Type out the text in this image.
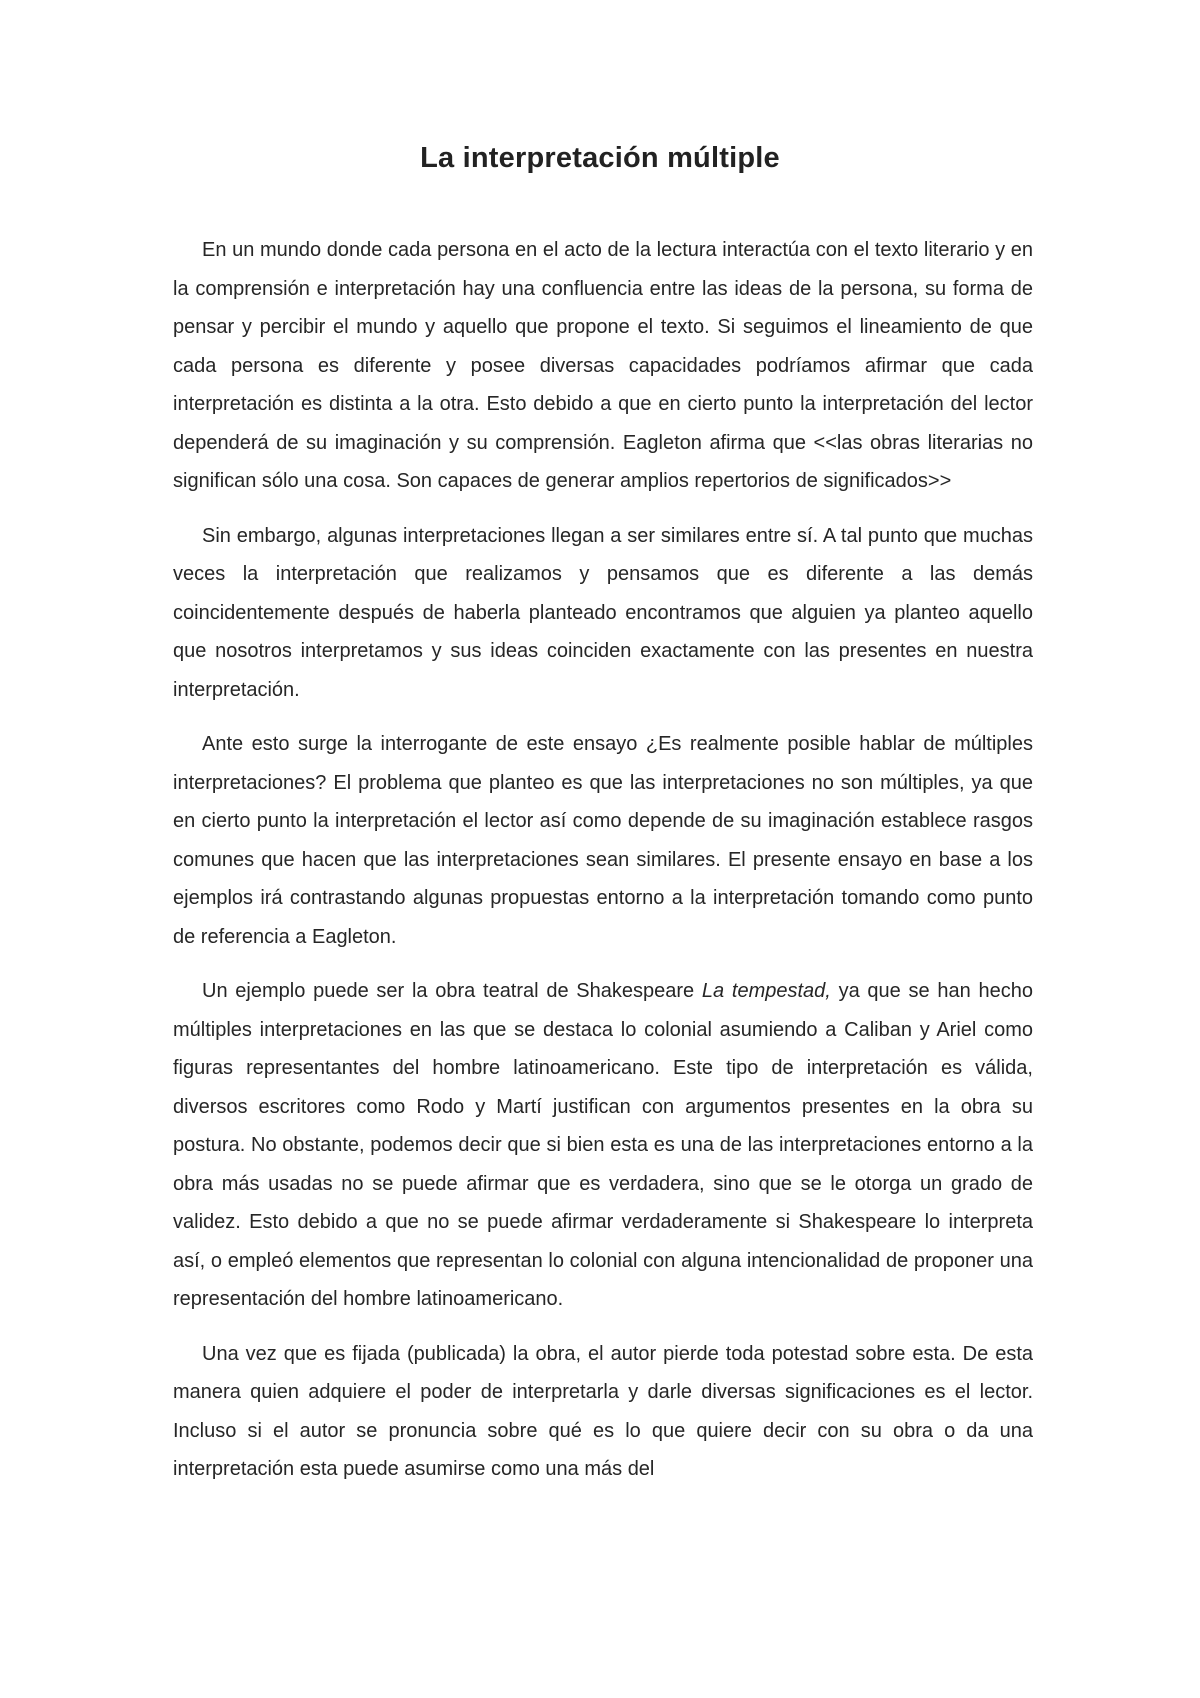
La interpretación múltiple

En un mundo donde cada persona en el acto de la lectura interactúa con el texto literario y en la comprensión e interpretación hay una confluencia entre las ideas de la persona, su forma de pensar y percibir el mundo y aquello que propone el texto. Si seguimos el lineamiento de que cada persona es diferente y posee diversas capacidades podríamos afirmar que cada interpretación es distinta a la otra. Esto debido a que en cierto punto la interpretación del lector dependerá de su imaginación y su comprensión. Eagleton afirma que <<las obras literarias no significan sólo una cosa. Son capaces de generar amplios repertorios de significados>>

Sin embargo, algunas interpretaciones llegan a ser similares entre sí. A tal punto que muchas veces la interpretación que realizamos y pensamos que es diferente a las demás coincidentemente después de haberla planteado encontramos que alguien ya planteo aquello que nosotros interpretamos y sus ideas coinciden exactamente con las presentes en nuestra interpretación.

Ante esto surge la interrogante de este ensayo ¿Es realmente posible hablar de múltiples interpretaciones? El problema que planteo es que las interpretaciones no son múltiples, ya que en cierto punto la interpretación el lector así como depende de su imaginación establece rasgos comunes que hacen que las interpretaciones sean similares. El presente ensayo en base a los ejemplos irá contrastando algunas propuestas entorno a la interpretación tomando como punto de referencia a Eagleton.

Un ejemplo puede ser la obra teatral de Shakespeare La tempestad, ya que se han hecho múltiples interpretaciones en las que se destaca lo colonial asumiendo a Caliban y Ariel como figuras representantes del hombre latinoamericano. Este tipo de interpretación es válida, diversos escritores como Rodo y Martí justifican con argumentos presentes en la obra su postura. No obstante, podemos decir que si bien esta es una de las interpretaciones entorno a la obra más usadas no se puede afirmar que es verdadera, sino que se le otorga un grado de validez. Esto debido a que no se puede afirmar verdaderamente si Shakespeare lo interpreta así, o empleó elementos que representan lo colonial con alguna intencionalidad de proponer una representación del hombre latinoamericano.

Una vez que es fijada (publicada) la obra, el autor pierde toda potestad sobre esta. De esta manera quien adquiere el poder de interpretarla y darle diversas significaciones es el lector. Incluso si el autor se pronuncia sobre qué es lo que quiere decir con su obra o da una interpretación esta puede asumirse como una más del
